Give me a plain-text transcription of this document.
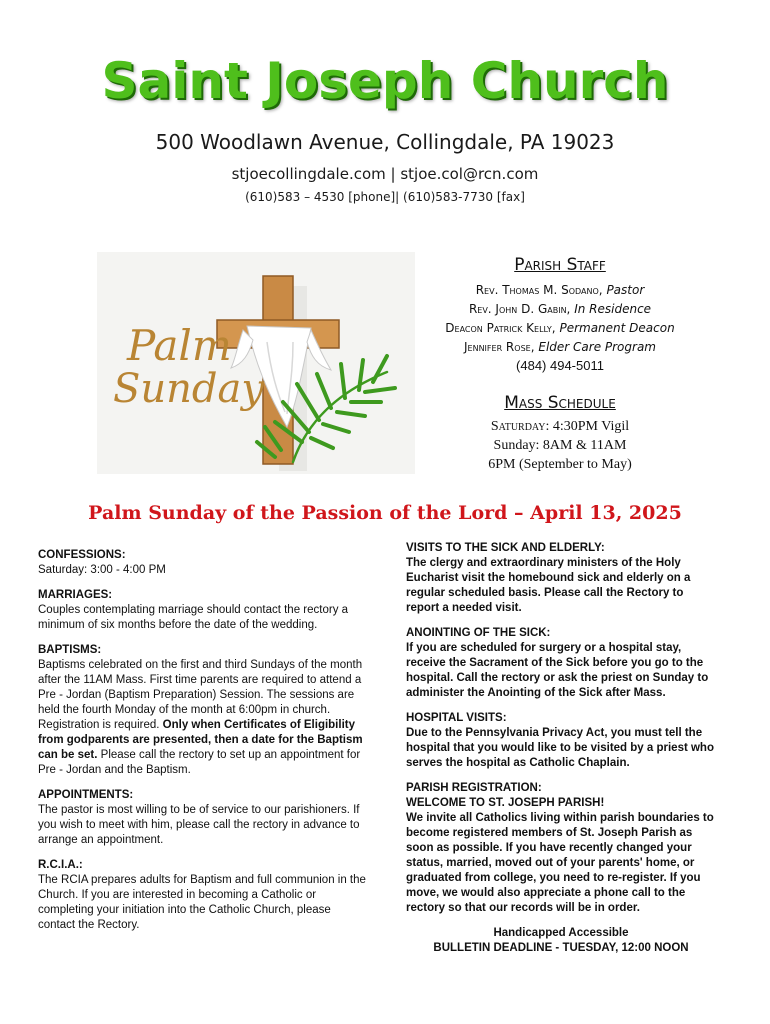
Saint Joseph Church
500 Woodlawn Avenue, Collingdale, PA 19023
stjoecollingdale.com | stjoe.col@rcn.com
(610)583 – 4530 [phone]| (610)583-7730 [fax]
Palm
Sunday
Parish Staff
Rev. Thomas M. Sodano, Pastor
Rev. John D. Gabin, In Residence
Deacon Patrick Kelly, Permanent Deacon
Jennifer Rose, Elder Care Program
(484) 494-5011
Mass Schedule
Saturday: 4:30PM Vigil
Sunday: 8AM & 11AM
6PM (September to May)
Palm Sunday of the Passion of the Lord – April 13, 2025

CONFESSIONS:

Saturday: 3:00 - 4:00 PM

MARRIAGES:

Couples contemplating marriage should contact the rectory a minimum of six months before the date of the wedding.

BAPTISMS:

Baptisms celebrated on the first and third Sundays of the month after the 11AM Mass. First time parents are required to attend a Pre - Jordan (Baptism Preparation) Session. The sessions are held the fourth Monday of the month at 6:00pm in church. Registration is required. Only when Certificates of Eligibility from godparents are presented, then a date for the Baptism can be set. Please call the rectory to set up an appointment for Pre - Jordan and the Baptism.

APPOINTMENTS:

The pastor is most willing to be of service to our parishioners. If you wish to meet with him, please call the rectory in advance to arrange an appointment.

R.C.I.A.:

The RCIA prepares adults for Baptism and full communion in the Church. If you are interested in becoming a Catholic or completing your initiation into the Catholic Church, please contact the Rectory.

VISITS TO THE SICK AND ELDERLY:

The clergy and extraordinary ministers of the Holy Eucharist visit the homebound sick and elderly on a regular scheduled basis. Please call the Rectory to report a needed visit.

ANOINTING OF THE SICK:

If you are scheduled for surgery or a hospital stay, receive the Sacrament of the Sick before you go to the hospital. Call the rectory or ask the priest on Sunday to administer the Anointing of the Sick after Mass.

HOSPITAL VISITS:

Due to the Pennsylvania Privacy Act, you must tell the hospital that you would like to be visited by a priest who serves the hospital as Catholic Chaplain.

PARISH REGISTRATION:

WELCOME TO ST. JOSEPH PARISH!

We invite all Catholics living within parish boundaries to become registered members of St. Joseph Parish as soon as possible. If you have recently changed your status, married, moved out of your parents' home, or graduated from college, you need to re-register. If you move, we would also appreciate a phone call to the rectory so that our records will be in order.

Handicapped Accessible

BULLETIN DEADLINE - TUESDAY, 12:00 NOON
